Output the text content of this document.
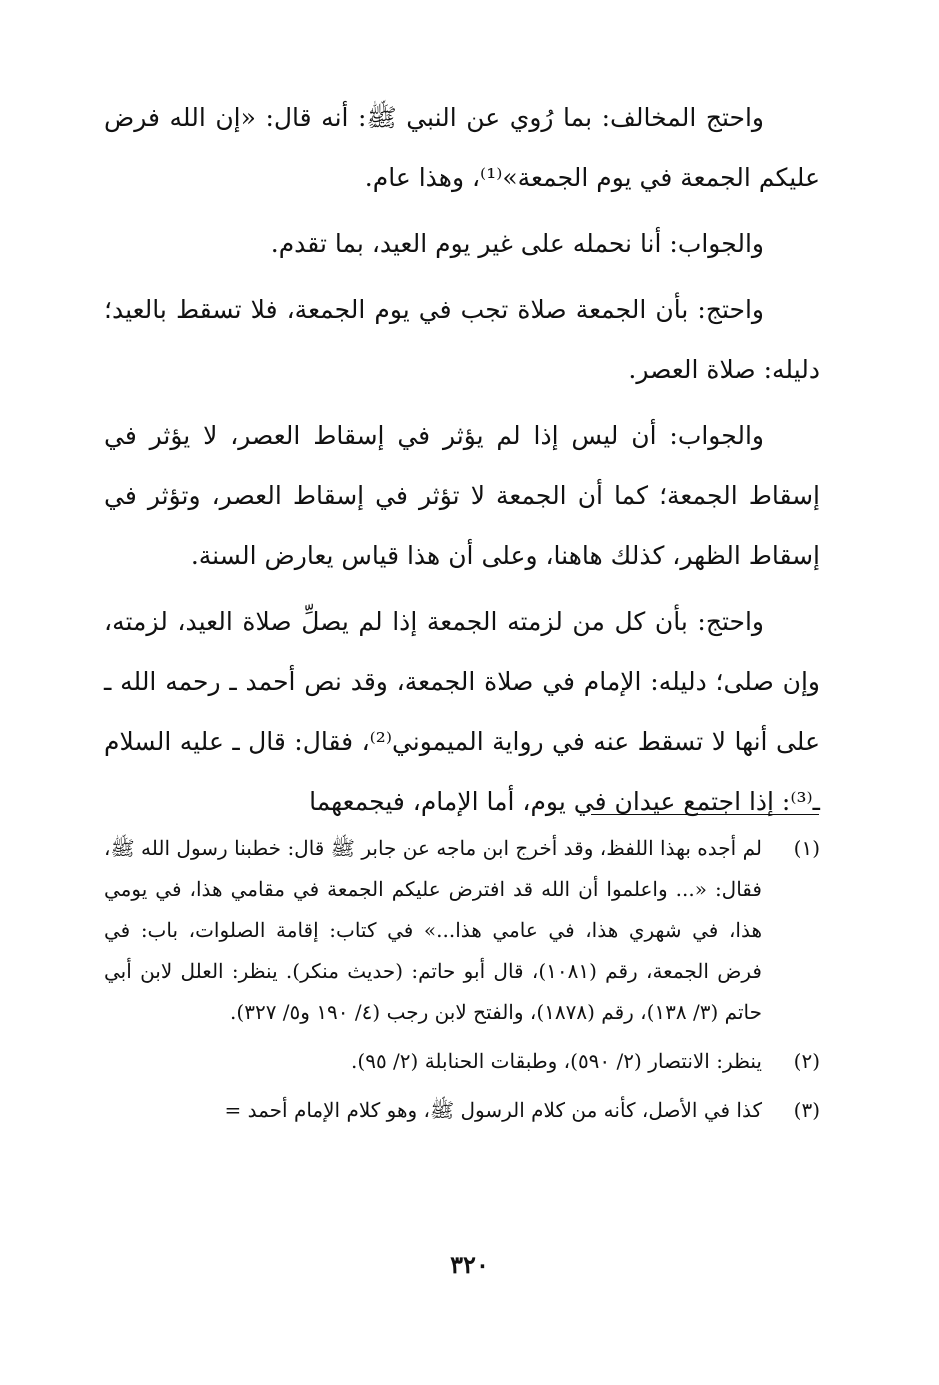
واحتج المخالف: بما رُوي عن النبي ﷺ: أنه قال: «إن الله فرض عليكم الجمعة في يوم الجمعة»⁽¹⁾، وهذا عام.

والجواب: أنا نحمله على غير يوم العيد، بما تقدم.

واحتج: بأن الجمعة صلاة تجب في يوم الجمعة، فلا تسقط بالعيد؛ دليله: صلاة العصر.

والجواب: أن ليس إذا لم يؤثر في إسقاط العصر، لا يؤثر في إسقاط الجمعة؛ كما أن الجمعة لا تؤثر في إسقاط العصر، وتؤثر في إسقاط الظهر، كذلك هاهنا، وعلى أن هذا قياس يعارض السنة.

واحتج: بأن كل من لزمته الجمعة إذا لم يصلِّ صلاة العيد، لزمته، وإن صلى؛ دليله: الإمام في صلاة الجمعة، وقد نص أحمد ـ رحمه الله ـ على أنها لا تسقط عنه في رواية الميموني⁽²⁾، فقال: قال ـ عليه السلام ـ⁽³⁾: إذا اجتمع عيدان في يوم، أما الإمام، فيجمعهما

(١)
لم أجده بهذا اللفظ، وقد أخرج ابن ماجه عن جابر ﷺ قال: خطبنا رسول الله ﷺ، فقال: «... واعلموا أن الله قد افترض عليكم الجمعة في مقامي هذا، في يومي هذا، في شهري هذا، في عامي هذا...» في كتاب: إقامة الصلوات، باب: في فرض الجمعة، رقم (١٠٨١)، قال أبو حاتم: (حديث منكر). ينظر: العلل لابن أبي حاتم (٣/ ١٣٨)، رقم (١٨٧٨)، والفتح لابن رجب (٤/ ١٩٠ و٥/ ٣٢٧).
(٢)
ينظر: الانتصار (٢/ ٥٩٠)، وطبقات الحنابلة (٢/ ٩٥).
(٣)
كذا في الأصل، كأنه من كلام الرسول ﷺ، وهو كلام الإمام أحمد =
٣٢٠
